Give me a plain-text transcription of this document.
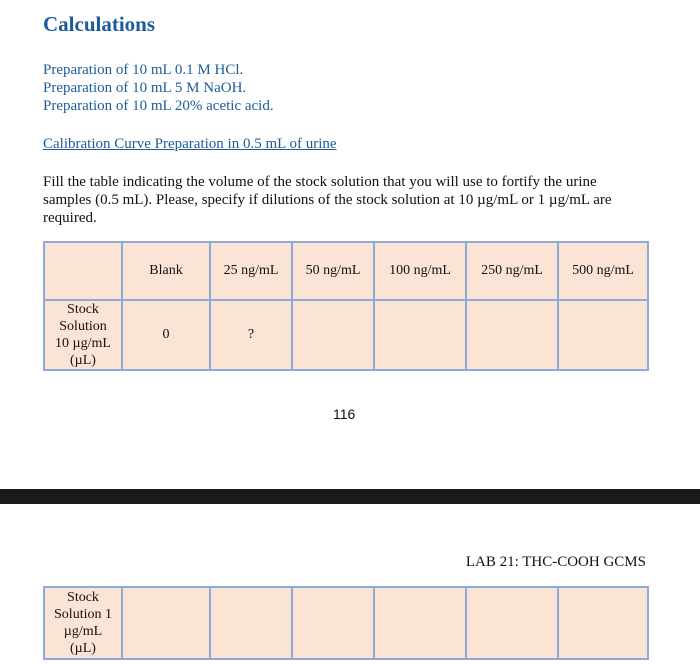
Calculations
Preparation of 10 mL 0.1 M HCl.
Preparation of 10 mL 5 M NaOH.
Preparation of 10 mL 20% acetic acid.
Calibration Curve Preparation in 0.5 mL of urine
Fill the table indicating the volume of the stock solution that you will use to fortify the urine samples (0.5 mL). Please, specify if dilutions of the stock solution at 10 µg/mL or 1 µg/mL are required.
	Blank	25 ng/mL	50 ng/mL	100 ng/mL	250 ng/mL	500 ng/mL

Stock
Solution
10 µg/mL
(µL)	0	?				
116
LAB 21: THC-COOH GCMS
Stock
Solution 1
µg/mL
(µL)
